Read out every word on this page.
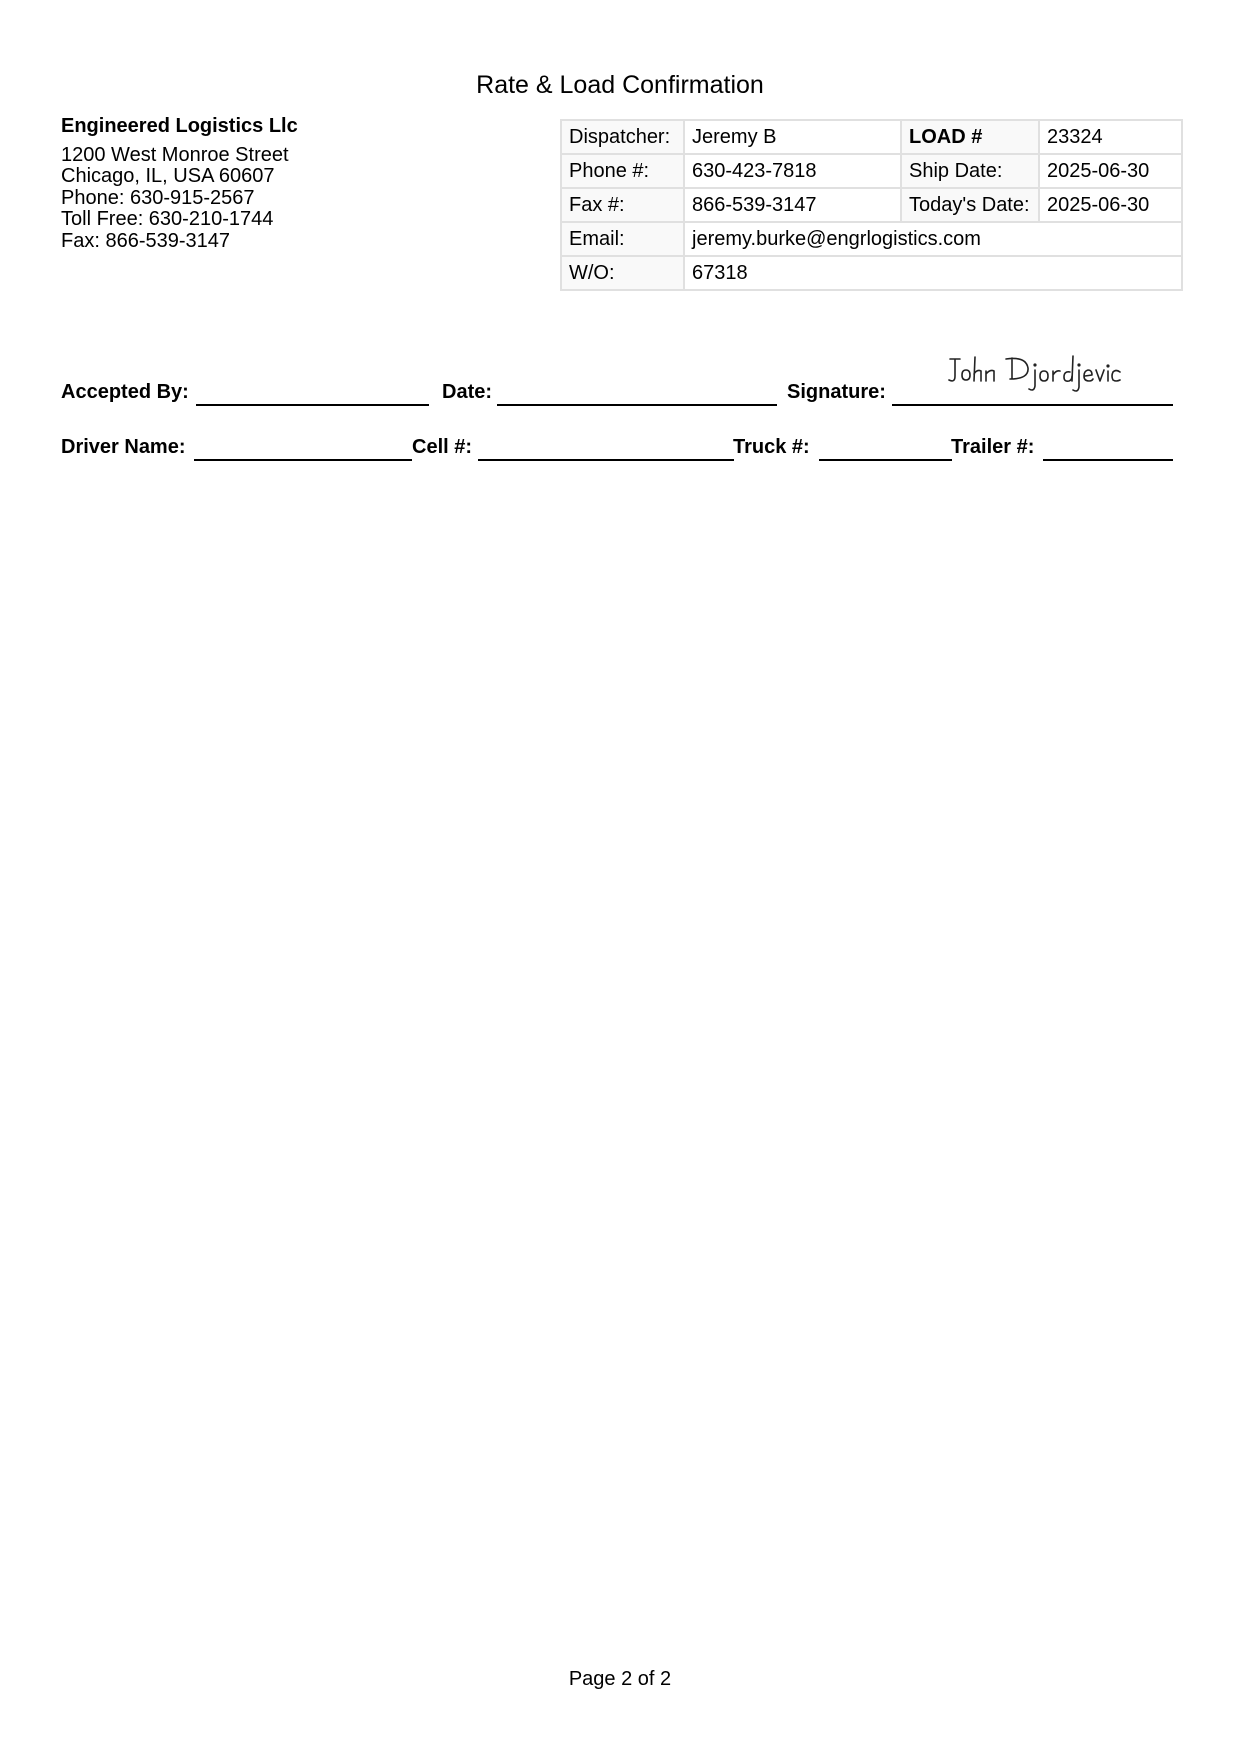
Rate & Load Confirmation
Engineered Logistics Llc
1200 West Monroe Street
Chicago, IL, USA 60607
Phone: 630-915-2567
Toll Free: 630-210-1744
Fax: 866-539-3147
Dispatcher:	Jeremy B	LOAD #	23324
Phone #:	630-423-7818	Ship Date:	2025-06-30
Fax #:	866-539-3147	Today's Date:	2025-06-30
Email:	jeremy.burke@engrlogistics.com		
W/O:	67318		
Accepted By:	Date:	Signature:
Driver Name:	Cell #:	Truck #:	Trailer #:
Page 2 of 2
